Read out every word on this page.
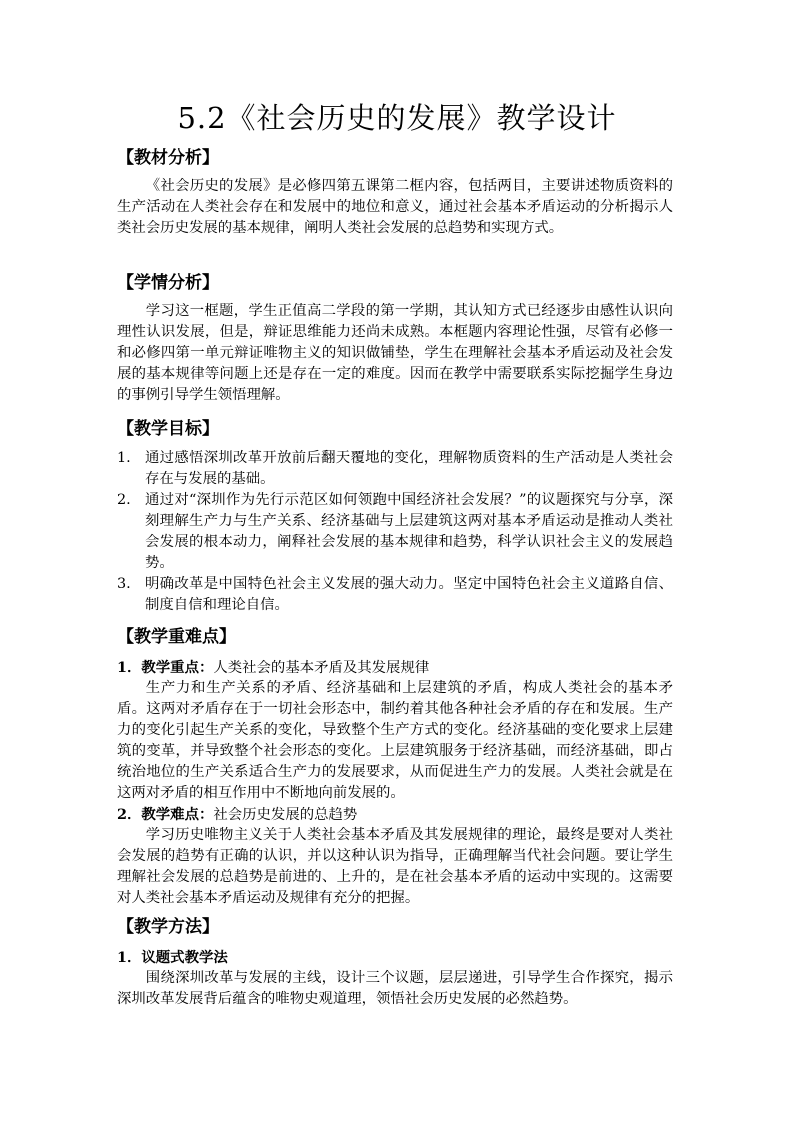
5.2《社会历史的发展》教学设计
【教材分析】
《社会历史的发展》是必修四第五课第二框内容，包括两目，主要讲述物质资料的生产活动在人类社会存在和发展中的地位和意义，通过社会基本矛盾运动的分析揭示人类社会历史发展的基本规律，阐明人类社会发展的总趋势和实现方式。
【学情分析】
学习这一框题，学生正值高二学段的第一学期，其认知方式已经逐步由感性认识向理性认识发展，但是，辩证思维能力还尚未成熟。本框题内容理论性强，尽管有必修一和必修四第一单元辩证唯物主义的知识做铺垫，学生在理解社会基本矛盾运动及社会发展的基本规律等问题上还是存在一定的难度。因而在教学中需要联系实际挖掘学生身边的事例引导学生领悟理解。
【教学目标】
1. 通过感悟深圳改革开放前后翻天覆地的变化，理解物质资料的生产活动是人类社会存在与发展的基础。
2. 通过对“深圳作为先行示范区如何领跑中国经济社会发展？”的议题探究与分享，深刻理解生产力与生产关系、经济基础与上层建筑这两对基本矛盾运动是推动人类社会发展的根本动力，阐释社会发展的基本规律和趋势，科学认识社会主义的发展趋势。
3. 明确改革是中国特色社会主义发展的强大动力。坚定中国特色社会主义道路自信、制度自信和理论自信。
【教学重难点】
1．教学重点：人类社会的基本矛盾及其发展规律
生产力和生产关系的矛盾、经济基础和上层建筑的矛盾，构成人类社会的基本矛盾。这两对矛盾存在于一切社会形态中，制约着其他各种社会矛盾的存在和发展。生产力的变化引起生产关系的变化，导致整个生产方式的变化。经济基础的变化要求上层建筑的变革，并导致整个社会形态的变化。上层建筑服务于经济基础，而经济基础，即占统治地位的生产关系适合生产力的发展要求，从而促进生产力的发展。人类社会就是在这两对矛盾的相互作用中不断地向前发展的。
2．教学难点：社会历史发展的总趋势
学习历史唯物主义关于人类社会基本矛盾及其发展规律的理论，最终是要对人类社会发展的趋势有正确的认识，并以这种认识为指导，正确理解当代社会问题。要让学生理解社会发展的总趋势是前进的、上升的，是在社会基本矛盾的运动中实现的。这需要对人类社会基本矛盾运动及规律有充分的把握。
【教学方法】
1．议题式教学法
围绕深圳改革与发展的主线，设计三个议题，层层递进，引导学生合作探究，揭示深圳改革发展背后蕴含的唯物史观道理，领悟社会历史发展的必然趋势。
